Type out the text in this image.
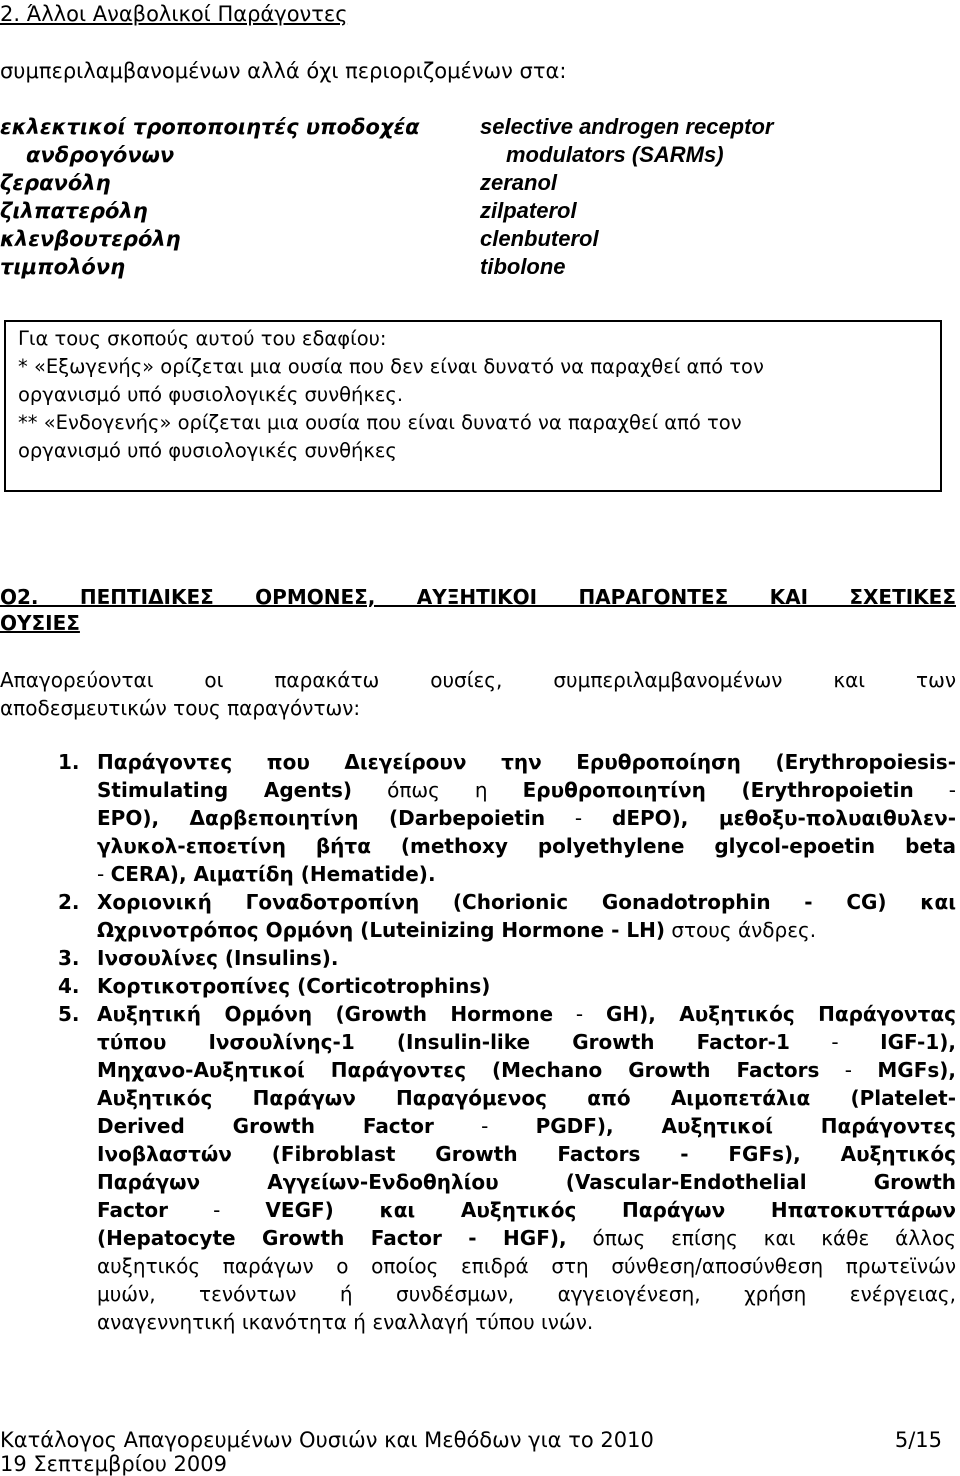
2. Άλλοι Αναβολικοί Παράγοντες
συμπεριλαμβανομένων αλλά όχι περιοριζομένων στα:
εκλεκτικοί τροποποιητές υποδοχέα
ανδρογόνων
ζερανόλη
ζιλπατερόλη
κλενβουτερόλη
τιμπολόνη
selective androgen receptor
modulators (SARMs)
zeranol
zilpaterol
clenbuterol
tibolone
Για τους σκοπούς αυτού του εδαφίου:
* «Εξωγενής» ορίζεται μια ουσία που δεν είναι δυνατό να παραχθεί από τον
οργανισμό υπό φυσιολογικές συνθήκες.
** «Ενδογενής» ορίζεται μια ουσία που είναι δυνατό να παραχθεί από τον
οργανισμό υπό φυσιολογικές συνθήκες
Ο2. ΠΕΠΤΙΔΙΚΕΣ ΟΡΜΟΝΕΣ, ΑΥΞΗΤΙΚΟΙ ΠΑΡΑΓΟΝΤΕΣ ΚΑΙ ΣΧΕΤΙΚΕΣ
ΟΥΣΙΕΣ
Απαγορεύονται οι παρακάτω ουσίες, συμπεριλαμβανομένων και των
αποδεσμευτικών τους παραγόντων:
1. Παράγοντες που Διεγείρουν την Ερυθροποίηση (Erythropoiesis-
Stimulating Agents) όπως η Ερυθροποιητίνη (Erythropoietin -
EPO), Δαρβεποιητίνη (Darbepoietin - dEPO), μεθοξυ-πολυαιθυλεν-
γλυκολ-εποετίνη βήτα (methoxy polyethylene glycol-epoetin beta
- CERA), Αιματίδη (Hematide).
2. Χοριονική Γοναδοτροπίνη (Chorionic Gonadotrophin - CG) και
Ωχρινοτρόπος Ορμόνη (Luteinizing Hormone - LH) στους άνδρες.
3. Ινσουλίνες (Insulins).
4. Κορτικοτροπίνες (Corticotrophins)
5. Αυξητική Ορμόνη (Growth Hormone - GH), Αυξητικός Παράγοντας
τύπου Ινσουλίνης-1 (Insulin-like Growth Factor-1 - IGF-1),
Μηχανο-Αυξητικοί Παράγοντες (Mechano Growth Factors - MGFs),
Αυξητικός Παράγων Παραγόμενος από Αιμοπετάλια (Platelet-
Derived Growth Factor - PGDF), Αυξητικοί Παράγοντες
Ινοβλαστών (Fibroblast Growth Factors - FGFs), Αυξητικός
Παράγων Αγγείων-Ενδοθηλίου (Vascular-Endothelial Growth
Factor - VEGF) και Αυξητικός Παράγων Ηπατοκυττάρων
(Hepatocyte Growth Factor - HGF), όπως επίσης και κάθε άλλος
αυξητικός παράγων ο οποίος επιδρά στη σύνθεση/αποσύνθεση πρωτεϊνών
μυών, τενόντων ή συνδέσμων, αγγειογένεση, χρήση ενέργειας,
αναγεννητική ικανότητα ή εναλλαγή τύπου ινών.
Κατάλογος Απαγορευμένων Ουσιών και Μεθόδων για το 2010	5/15
19 Σεπτεμβρίου 2009
